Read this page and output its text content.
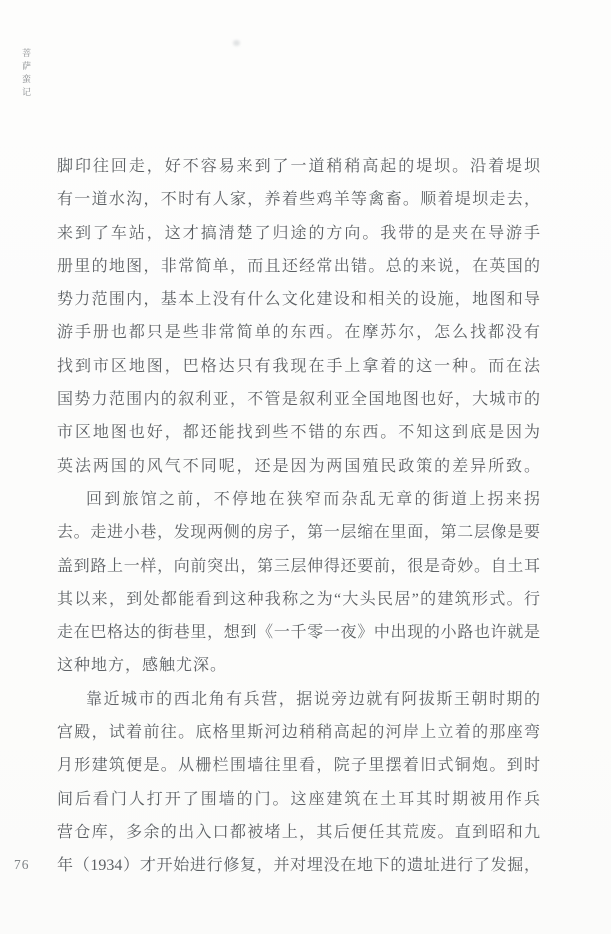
菩萨蛮记

脚印往回走，好不容易来到了一道稍稍高起的堤坝。沿着堤坝

有一道水沟，不时有人家，养着些鸡羊等禽畜。顺着堤坝走去，

来到了车站，这才搞清楚了归途的方向。我带的是夹在导游手

册里的地图，非常简单，而且还经常出错。总的来说，在英国的

势力范围内，基本上没有什么文化建设和相关的设施，地图和导

游手册也都只是些非常简单的东西。在摩苏尔，怎么找都没有

找到市区地图，巴格达只有我现在手上拿着的这一种。而在法

国势力范围内的叙利亚，不管是叙利亚全国地图也好，大城市的

市区地图也好，都还能找到些不错的东西。不知这到底是因为

英法两国的风气不同呢，还是因为两国殖民政策的差异所致。

回到旅馆之前，不停地在狭窄而杂乱无章的街道上拐来拐

去。走进小巷，发现两侧的房子，第一层缩在里面，第二层像是要

盖到路上一样，向前突出，第三层伸得还要前，很是奇妙。自土耳

其以来，到处都能看到这种我称之为“大头民居”的建筑形式。行

走在巴格达的街巷里，想到《一千零一夜》中出现的小路也许就是

这种地方，感触尤深。

靠近城市的西北角有兵营，据说旁边就有阿拔斯王朝时期的

宫殿，试着前往。底格里斯河边稍稍高起的河岸上立着的那座弯

月形建筑便是。从栅栏围墙往里看，院子里摆着旧式铜炮。到时

间后看门人打开了围墙的门。这座建筑在土耳其时期被用作兵

营仓库，多余的出入口都被堵上，其后便任其荒废。直到昭和九

年（1934）才开始进行修复，并对埋没在地下的遗址进行了发掘，

76
